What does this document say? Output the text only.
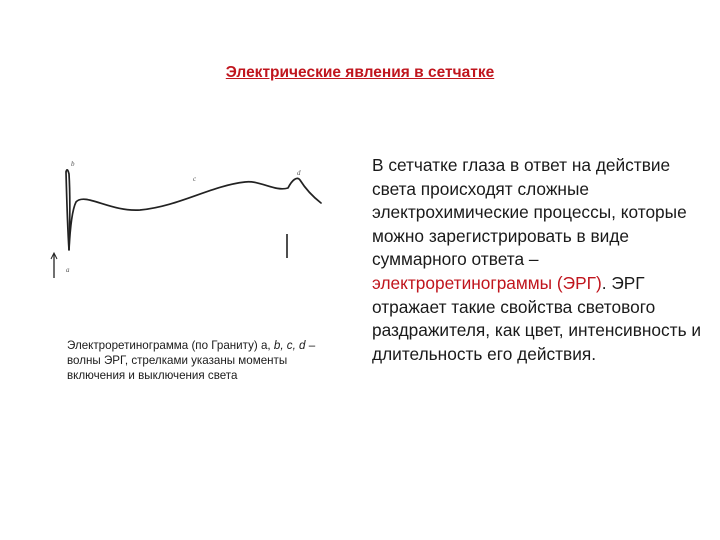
Электрические явления в сетчатке
b
a
c
d
Электроретинограмма (по Граниту) а, b, c, d – волны ЭРГ, стрелками указаны моменты включения и выключения света
В сетчатке глаза в ответ на действие света происходят сложные электрохимические процессы, которые можно зарегистрировать в виде суммарного ответа – электроретинограммы (ЭРГ). ЭРГ отражает такие свойства светового раздражителя, как цвет, интенсивность и длительность его действия.
